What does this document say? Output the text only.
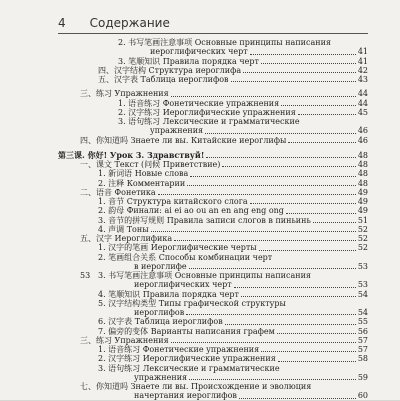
4 Содержание
2. 书写笔画注意事项 Основные принципы написания
иероглифических черт	41
3. 笔顺知识 Правила порядка черт	41
四、汉字结构 Структура иероглифа	42
五、汉字表 Таблица иероглифов	43
三、练习 Упражнения	44
1. 语音练习 Фонетические упражнения	44
2. 汉字练习 Иероглифические упражнения	45
3. 语句练习 Лексические и грамматические
упражнения	46
四、你知道吗 Знаете ли вы. Китайские иероглифы	46
第三课. 你好! Урок 3. Здравствуй!	48
一、课文 Текст (问候 Приветствие)	48
1. 新词语 Новые слова	48
2. 注释 Комментарии	48
二、语音 Фонетика	49
1. 音节 Структура китайского слога	49
2. 韵母 Финали: ai ei ao ou an en ang eng ong	49
3. 音节的拼写规则 Правила записи слогов в пиньинь	51
4. 声调 Тоны	52
五、汉字 Иероглифика	52
1. 汉字的笔画 Иероглифические черты	52
2. 笔画组合关系 Способы комбинации черт
в иероглифе	53
3. 书写笔画注意事项 Основные принципы написания
иероглифических черт	53
4. 笔顺知识 Правила порядка черт	54
5. 汉字结构类型 Типы графической структуры
иероглифов	54
6. 汉字表 Таблица иероглифов	55
7. 偏旁的变体 Варианты написания графем	56
三、练习 Упражнения	57
1. 语音练习 Фонетические упражнения	57
2. 汉字练习 Иероглифические упражнения	58
3. 语句练习 Лексические и грамматические
упражнения	59
七、你知道吗 Знаете ли вы. Происхождение и эволюция
начертания иероглифов	60
53
